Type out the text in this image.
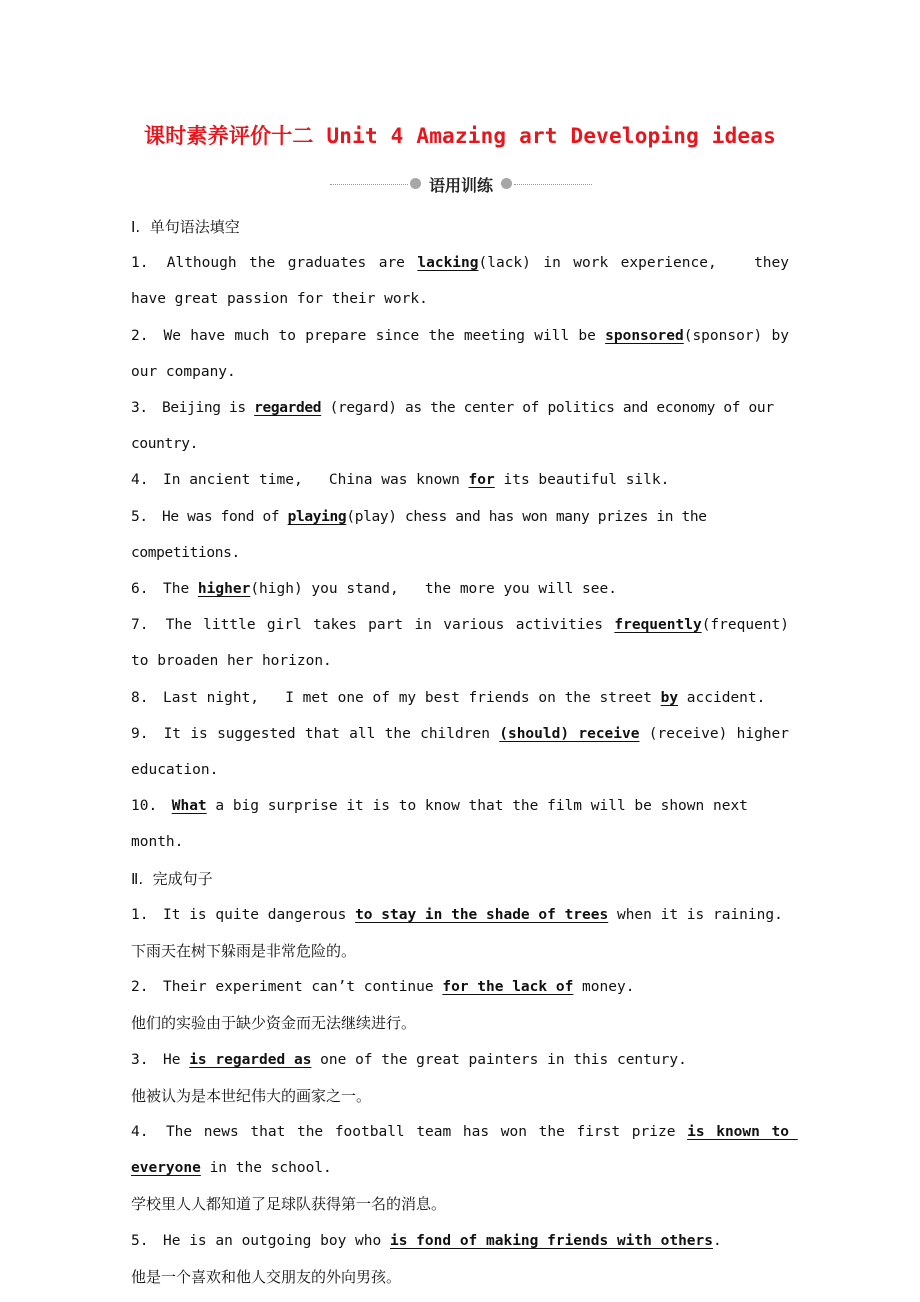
课时素养评价十二 Unit 4 Amazing art Developing ideas
语用训练

Ⅰ.  单句语法填空

1. Although the graduates are lacking(lack) in work experience,   they have great passion for their work.

2. We have much to prepare since the meeting will be sponsored(sponsor) by our company.

3. Beijing is regarded (regard) as the center of politics and economy of our country.

4. In ancient time,   China was known for its beautiful silk.

5. He was fond of playing(play) chess and has won many prizes in the competitions.

6. The higher(high) you stand,   the more you will see.

7. The little girl takes part in various activities frequently(frequent) to broaden her horizon.

8. Last night,   I met one of my best friends on the street by accident.

9. It is suggested that all the children (should) receive (receive) higher education.

10. What a big surprise it is to know that the film will be shown next month.

Ⅱ.  完成句子

1. It is quite dangerous to stay in the shade of trees when it is raining.

下雨天在树下躲雨是非常危险的。

2. Their experiment can’t continue for the lack of money.

他们的实验由于缺少资金而无法继续进行。

3. He is regarded as one of the great painters in this century.

他被认为是本世纪伟大的画家之一。

4. The news that the football team has won the first prize is known to everyone in the school.

学校里人人都知道了足球队获得第一名的消息。

5. He is an outgoing boy who is fond of making friends with others.

他是一个喜欢和他人交朋友的外向男孩。
